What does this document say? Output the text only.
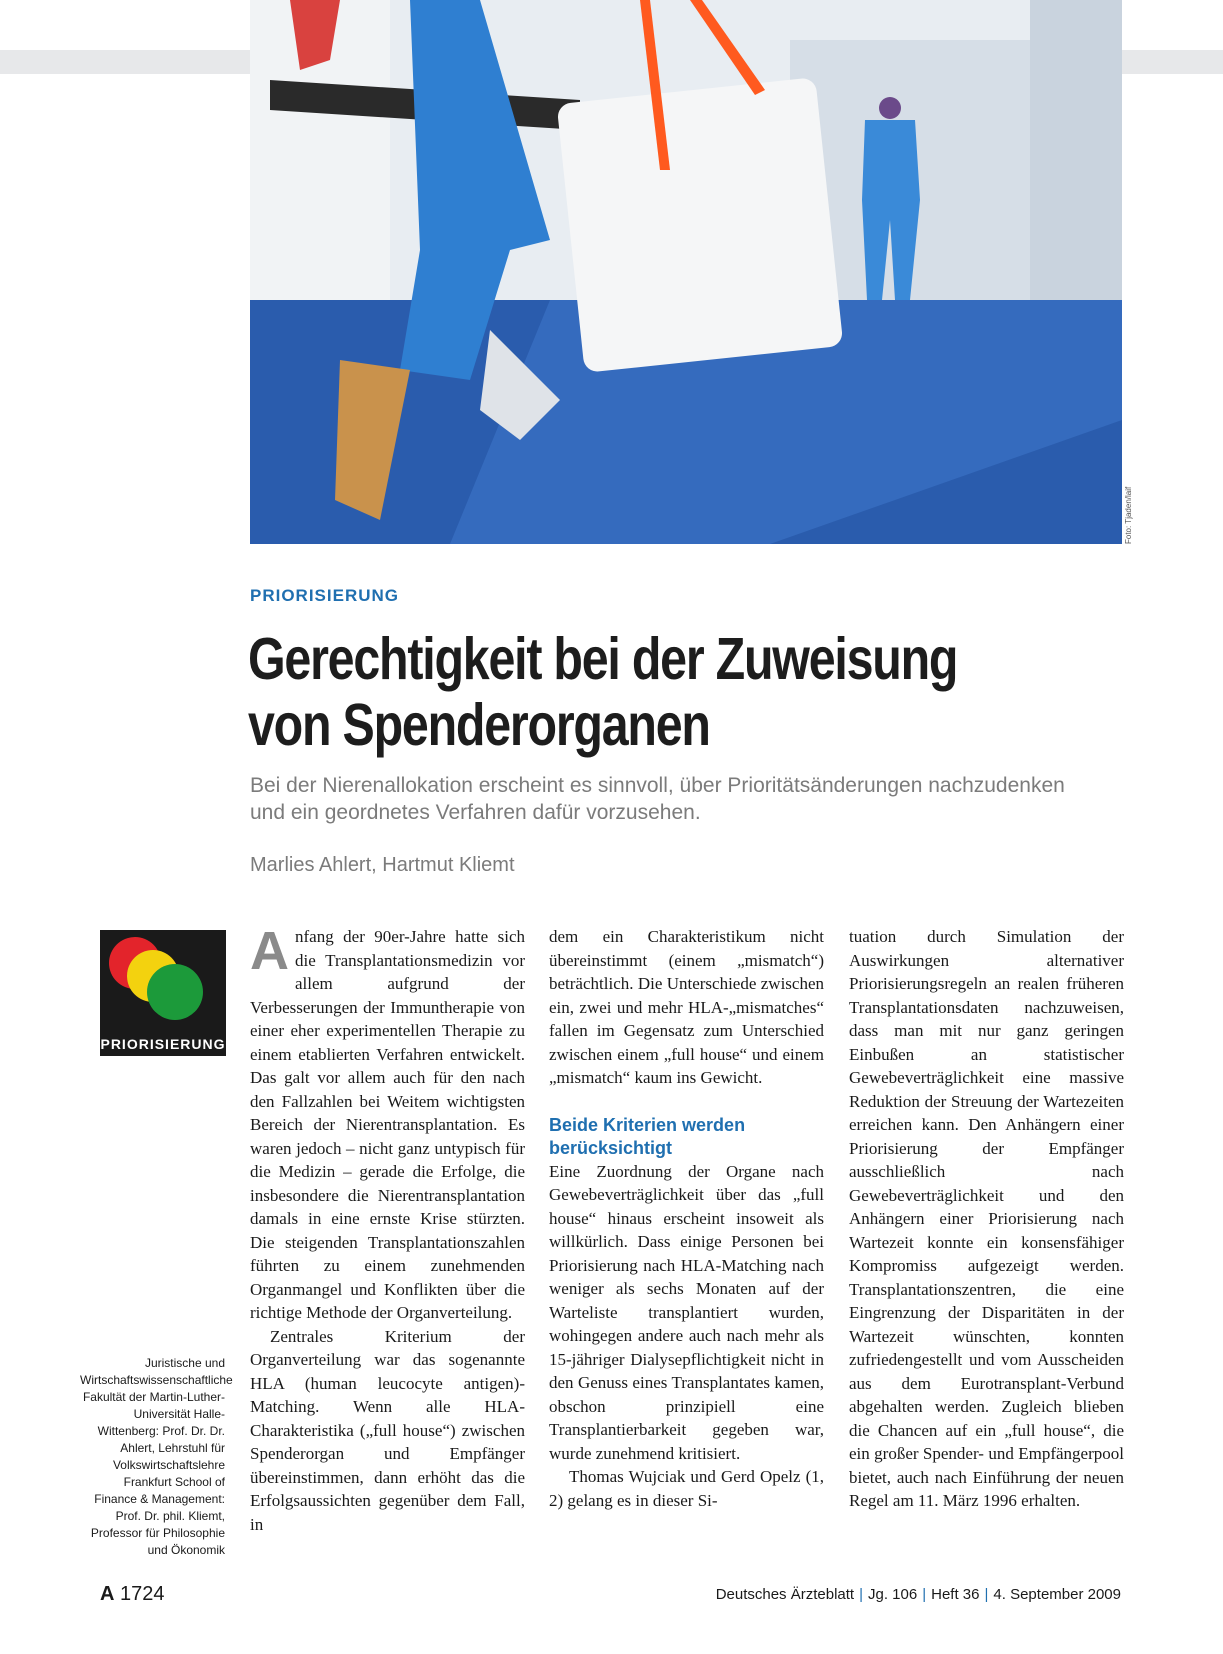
Foto: Tjaden/laif
PRIORISIERUNG
Gerechtigkeit bei der Zuweisung
von Spenderorganen
Bei der Nierenallokation erscheint es sinnvoll, über Prioritätsänderungen nachzudenken und ein geordnetes Verfahren dafür vorzusehen.
Marlies Ahlert, Hartmut Kliemt
PRIORISIERUNG
Juristische und Wirtschaftswissenschaftliche Fakultät der Martin-Luther-Universität Halle-Wittenberg: Prof. Dr. Dr. Ahlert, Lehrstuhl für Volkswirtschaftslehre Frankfurt School of Finance & Management: Prof. Dr. phil. Kliemt, Professor für Philosophie und Ökonomik

Anfang der 90er-Jahre hatte sich die Transplantationsmedizin vor allem aufgrund der Verbesserungen der Immuntherapie von einer eher experimentellen Therapie zu einem etablierten Verfahren entwickelt. Das galt vor allem auch für den nach den Fallzahlen bei Weitem wichtigsten Bereich der Nierentransplantation. Es waren jedoch – nicht ganz untypisch für die Medizin – gerade die Erfolge, die insbesondere die Nierentransplantation damals in eine ernste Krise stürzten. Die steigenden Transplantationszahlen führten zu einem zunehmenden Organmangel und Konflikten über die richtige Methode der Organverteilung.

Zentrales Kriterium der Organverteilung war das sogenannte HLA (human leucocyte antigen)-Matching. Wenn alle HLA-Charakteristika („full house“) zwischen Spenderorgan und Empfänger übereinstimmen, dann erhöht das die Erfolgsaussichten gegenüber dem Fall, in

dem ein Charakteristikum nicht übereinstimmt (einem „mismatch“) beträchtlich. Die Unterschiede zwischen ein, zwei und mehr HLA-„mismatches“ fallen im Gegensatz zum Unterschied zwischen einem „full house“ und einem „mismatch“ kaum ins Gewicht.

Beide Kriterien werden berücksichtigt

Eine Zuordnung der Organe nach Gewebeverträglichkeit über das „full house“ hinaus erscheint insoweit als willkürlich. Dass einige Personen bei Priorisierung nach HLA-Matching nach weniger als sechs Monaten auf der Warteliste transplantiert wurden, wohingegen andere auch nach mehr als 15-jähriger Dialysepflichtigkeit nicht in den Genuss eines Transplantates kamen, obschon prinzipiell eine Transplantierbarkeit gegeben war, wurde zunehmend kritisiert.

Thomas Wujciak und Gerd Opelz (1, 2) gelang es in dieser Si-

tuation durch Simulation der Auswirkungen alternativer Priorisierungsregeln an realen früheren Transplantationsdaten nachzuweisen, dass man mit nur ganz geringen Einbußen an statistischer Gewebeverträglichkeit eine massive Reduktion der Streuung der Wartezeiten erreichen kann. Den Anhängern einer Priorisierung der Empfänger ausschließlich nach Gewebeverträglichkeit und den Anhängern einer Priorisierung nach Wartezeit konnte ein konsensfähiger Kompromiss aufgezeigt werden. Transplantationszentren, die eine Eingrenzung der Disparitäten in der Wartezeit wünschten, konnten zufriedengestellt und vom Ausscheiden aus dem Eurotransplant-Verbund abgehalten werden. Zugleich blieben die Chancen auf ein „full house“, die ein großer Spender- und Empfängerpool bietet, auch nach Einführung der neuen Regel am 11. März 1996 erhalten.

A 1724	Deutsches Ärzteblatt | Jg. 106 | Heft 36 | 4. September 2009
